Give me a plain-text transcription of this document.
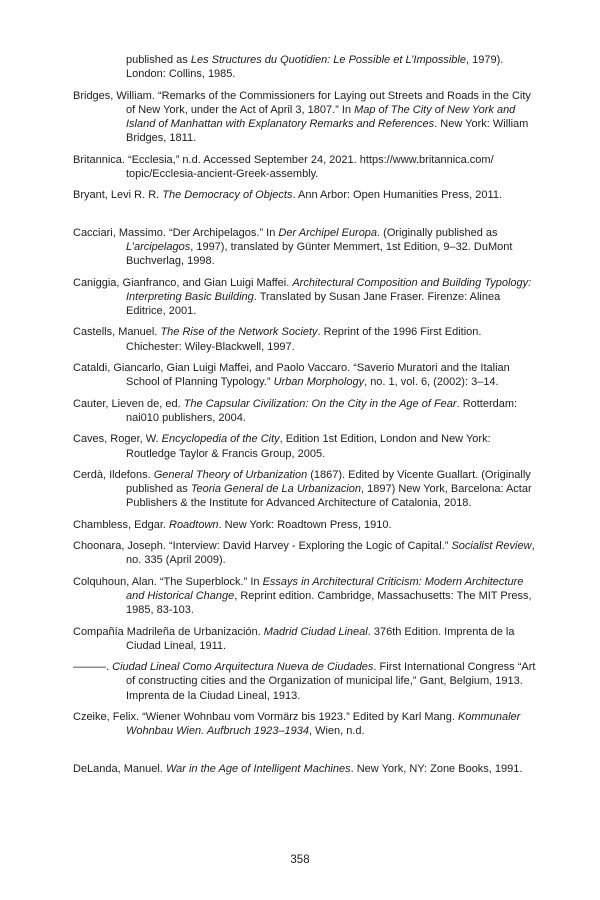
published as Les Structures du Quotidien: Le Possible et L’Impossible, 1979). London: Collins, 1985.

Bridges, William. “Remarks of the Commissioners for Laying out Streets and Roads in the City of New York, under the Act of April 3, 1807.” In Map of The City of New York and Island of Manhattan with Explanatory Remarks and References. New York: William Bridges, 1811.

Britannica. “Ecclesia,” n.d. Accessed September 24, 2021. https://www.britannica.com/ topic/Ecclesia-ancient-Greek-assembly.

Bryant, Levi R. R. The Democracy of Objects. Ann Arbor: Open Humanities Press, 2011.

Cacciari, Massimo. “Der Archipelagos.” In Der Archipel Europa. (Originally published as L’arcipelagos, 1997), translated by Günter Memmert, 1st Edition, 9–32. DuMont Buchverlag, 1998.

Caniggia, Gianfranco, and Gian Luigi Maffei. Architectural Composition and Building Typology: Interpreting Basic Building. Translated by Susan Jane Fraser. Firenze: Alinea Editrice, 2001.

Castells, Manuel. The Rise of the Network Society. Reprint of the 1996 First Edition. Chichester: Wiley-Blackwell, 1997.

Cataldi, Giancarlo, Gian Luigi Maffei, and Paolo Vaccaro. “Saverio Muratori and the Italian School of Planning Typology.” Urban Morphology, no. 1, vol. 6, (2002): 3–14.

Cauter, Lieven de, ed. The Capsular Civilization: On the City in the Age of Fear. Rotterdam: nai010 publishers, 2004.

Caves, Roger, W. Encyclopedia of the City, Edition 1st Edition, London and New York: Routledge Taylor & Francis Group, 2005.

Cerdà, Ildefons. General Theory of Urbanization (1867). Edited by Vicente Guallart. (Originally published as Teoria General de La Urbanizacion, 1897) New York, Barcelona: Actar Publishers & the Institute for Advanced Architecture of Catalonia, 2018.

Chambless, Edgar. Roadtown. New York: Roadtown Press, 1910.

Choonara, Joseph. “Interview: David Harvey - Exploring the Logic of Capital.” Socialist Review, no. 335 (April 2009).

Colquhoun, Alan. “The Superblock.” In Essays in Architectural Criticism: Modern Architecture and Historical Change, Reprint edition. Cambridge, Massachusetts: The MIT Press, 1985, 83-103.

Compañía Madrileña de Urbanización. Madrid Ciudad Lineal. 376th Edition. Imprenta de la Ciudad Lineal, 1911.

———. Ciudad Lineal Como Arquitectura Nueva de Ciudades. First International Congress “Art of constructing cities and the Organization of municipal life,” Gant, Belgium, 1913. Imprenta de la Ciudad Lineal, 1913.

Czeike, Felix. “Wiener Wohnbau vom Vormärz bis 1923.” Edited by Karl Mang. Kommunaler Wohnbau Wien. Aufbruch 1923–1934, Wien, n.d.

DeLanda, Manuel. War in the Age of Intelligent Machines. New York, NY: Zone Books, 1991.

358
